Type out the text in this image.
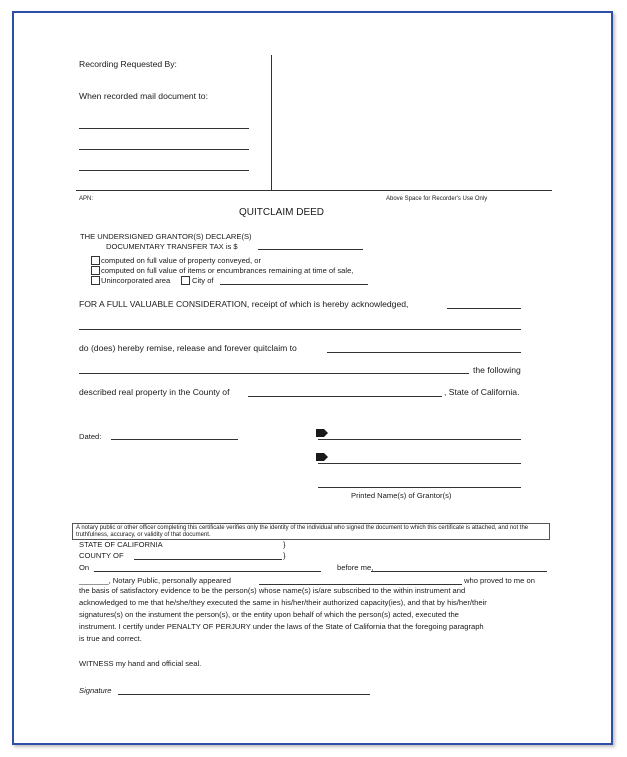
Recording Requested By:
When recorded mail document to:
APN:	Above Space for Recorder's Use Only
QUITCLAIM DEED
THE UNDERSIGNED GRANTOR(S) DECLARE(S)
DOCUMENTARY TRANSFER TAX is $
computed on full value of property conveyed, or
computed on full value of items or encumbrances remaining at time of sale,
Unincorporated area	City of
FOR A FULL VALUABLE CONSIDERATION, receipt of which is hereby acknowledged,
do (does) hereby remise, release and forever quitclaim to
the following
described real property in the County of	, State of California.
Dated:
Printed Name(s) of Grantor(s)
A notary public or other officer completing this certificate verifies only the identity of the individual who signed the document to which this certificate is attached, and not the truthfulness, accuracy, or validity of that document.
STATE OF CALIFORNIA	}
COUNTY OF	}
On	before me,
_______, Notary Public, personally appeared	who proved to me on
the basis of satisfactory evidence to be the person(s) whose name(s) is/are subscribed to the within instrument and
acknowledged to me that he/she/they executed the same in his/her/their authorized capacity(ies), and that by his/her/their
signatures(s) on the instument the person(s), or the entity upon behalf of which the person(s) acted, executed the
instrument. I certify under PENALTY OF PERJURY under the laws of the State of California that the foregoing paragraph
is true and correct.
WITNESS my hand and official seal.
Signature
